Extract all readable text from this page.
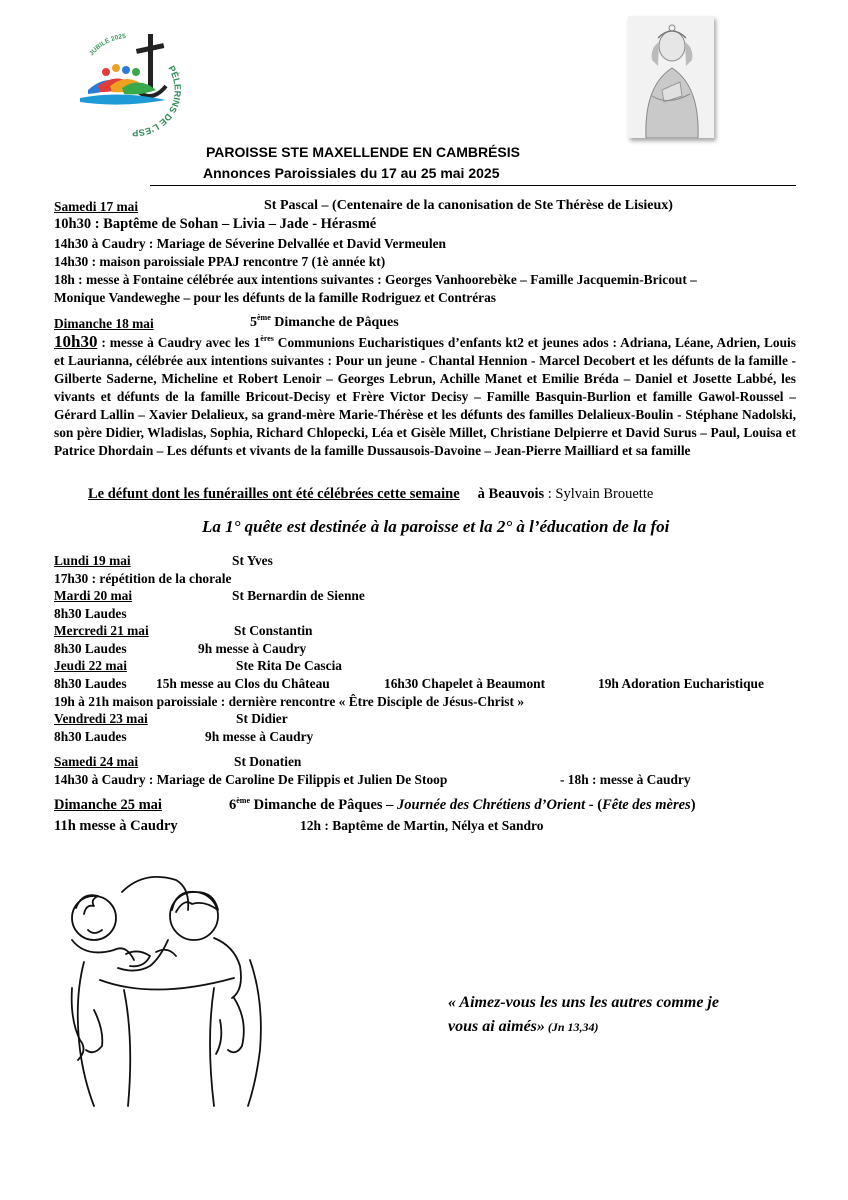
JUBILÉ 2025
PÈLERINS DE L'ESP
PAROISSE STE MAXELLENDE EN CAMBRÉSIS
Annonces Paroissiales du 17 au 25 mai 2025
Samedi 17 mai	St Pascal – (Centenaire de la canonisation de Ste Thérèse de Lisieux)
10h30 : Baptême de Sohan – Livia – Jade - Hérasmé
14h30 à Caudry : Mariage de Séverine Delvallée et David Vermeulen
14h30 : maison paroissiale PPAJ rencontre 7 (1è année kt)
18h : messe à Fontaine célébrée aux intentions suivantes : Georges Vanhoorebèke – Famille Jacquemin-Bricout –
Monique Vandeweghe – pour les défunts de la famille Rodriguez et Contréras
Dimanche 18 mai	5ème Dimanche de Pâques
10h30 : messe à Caudry avec les 1ères Communions Eucharistiques d’enfants kt2 et jeunes ados : Adriana, Léane, Adrien, Louis et Laurianna, célébrée aux intentions suivantes : Pour un jeune - Chantal Hennion - Marcel Decobert et les défunts de la famille - Gilberte Saderne, Micheline et Robert Lenoir – Georges Lebrun, Achille Manet et Emilie Bréda – Daniel et Josette Labbé, les vivants et défunts de la famille Bricout-Decisy et Frère Victor Decisy – Famille Basquin-Burlion et famille Gawol-Roussel – Gérard Lallin – Xavier Delalieux, sa grand-mère Marie-Thérèse et les défunts des familles Delalieux-Boulin - Stéphane Nadolski, son père Didier, Wladislas, Sophia, Richard Chlopecki, Léa et Gisèle Millet, Christiane Delpierre et David Surus – Paul, Louisa et Patrice Dhordain – Les défunts et vivants de la famille Dussausois-Davoine – Jean-Pierre Mailliard et sa famille
Le défunt dont les funérailles ont été célébrées cette semaine à Beauvois : Sylvain Brouette
La 1° quête est destinée à la paroisse et la 2° à l’éducation de la foi
Lundi 19 mai	St Yves
17h30 : répétition de la chorale
Mardi 20 mai	St Bernardin de Sienne
8h30 Laudes
Mercredi 21 mai	St Constantin
8h30 Laudes	9h messe à Caudry
Jeudi 22 mai	Ste Rita De Cascia
8h30 Laudes 15h messe au Clos du Château	16h30 Chapelet à Beaumont	19h Adoration Eucharistique
19h à 21h maison paroissiale : dernière rencontre « Être Disciple de Jésus-Christ »
Vendredi 23 mai	St Didier
8h30 Laudes	9h messe à Caudry
Samedi 24 mai	St Donatien
14h30 à Caudry : Mariage de Caroline De Filippis et Julien De Stoop	- 18h : messe à Caudry
Dimanche 25 mai	6ème Dimanche de Pâques – Journée des Chrétiens d’Orient - (Fête des mères)
11h messe à Caudry	12h : Baptême de Martin, Nélya et Sandro
« Aimez-vous les uns les autres comme je
vous ai aimés» (Jn 13,34)
